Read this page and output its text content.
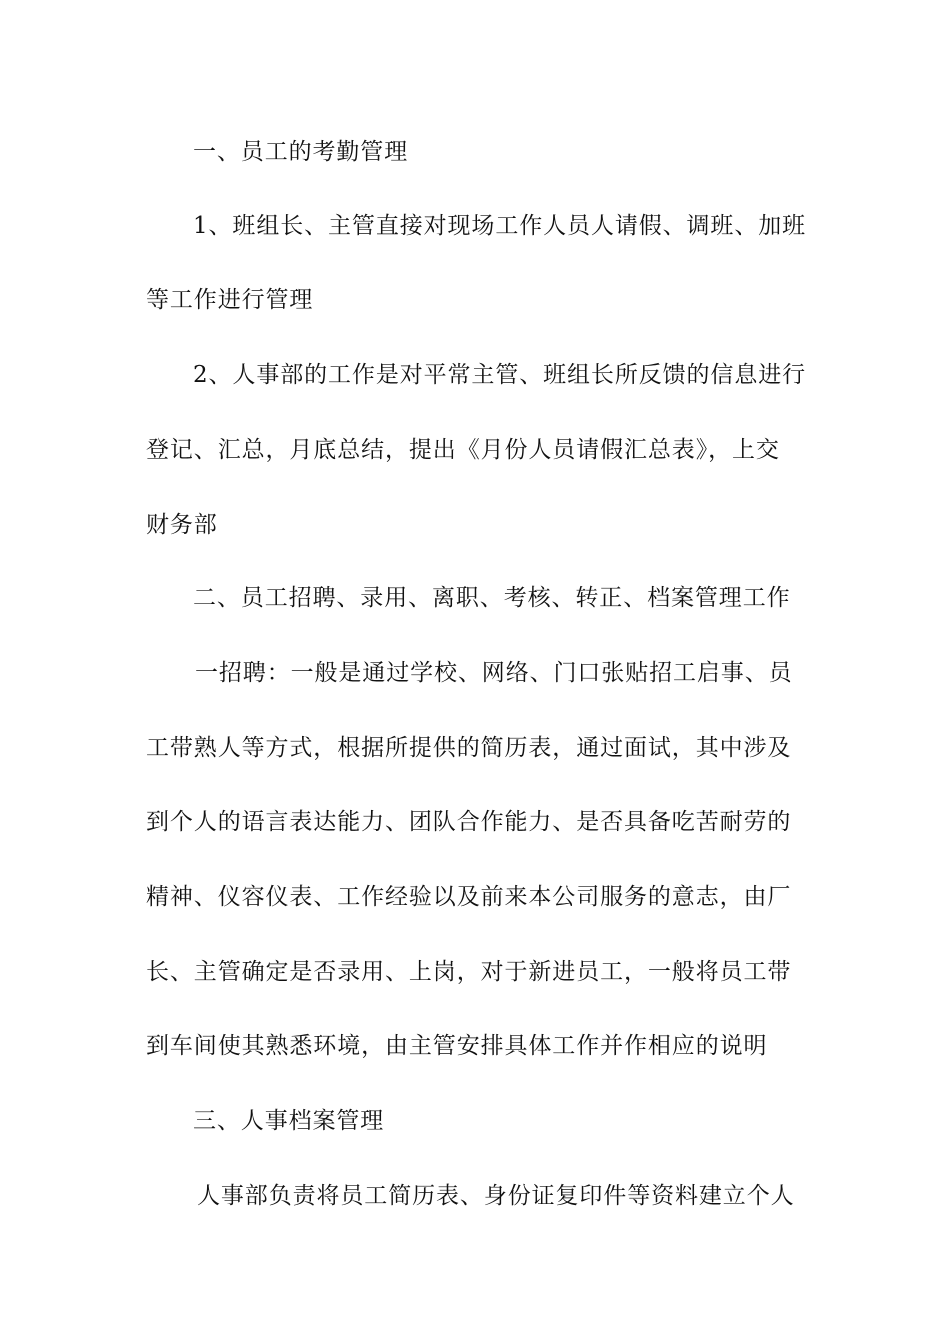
一、员工的考勤管理

1、班组长、主管直接对现场工作人员人请假、调班、加班

等工作进行管理

2、人事部的工作是对平常主管、班组长所反馈的信息进行

登记、汇总，月底总结，提出《月份人员请假汇总表》，上交

财务部

二、员工招聘、录用、离职、考核、转正、档案管理工作

一招聘：一般是通过学校、网络、门口张贴招工启事、员

工带熟人等方式，根据所提供的简历表，通过面试，其中涉及

到个人的语言表达能力、团队合作能力、是否具备吃苦耐劳的

精神、仪容仪表、工作经验以及前来本公司服务的意志，由厂

长、主管确定是否录用、上岗，对于新进员工，一般将员工带

到车间使其熟悉环境，由主管安排具体工作并作相应的说明

三、人事档案管理

人事部负责将员工简历表、身份证复印件等资料建立个人
